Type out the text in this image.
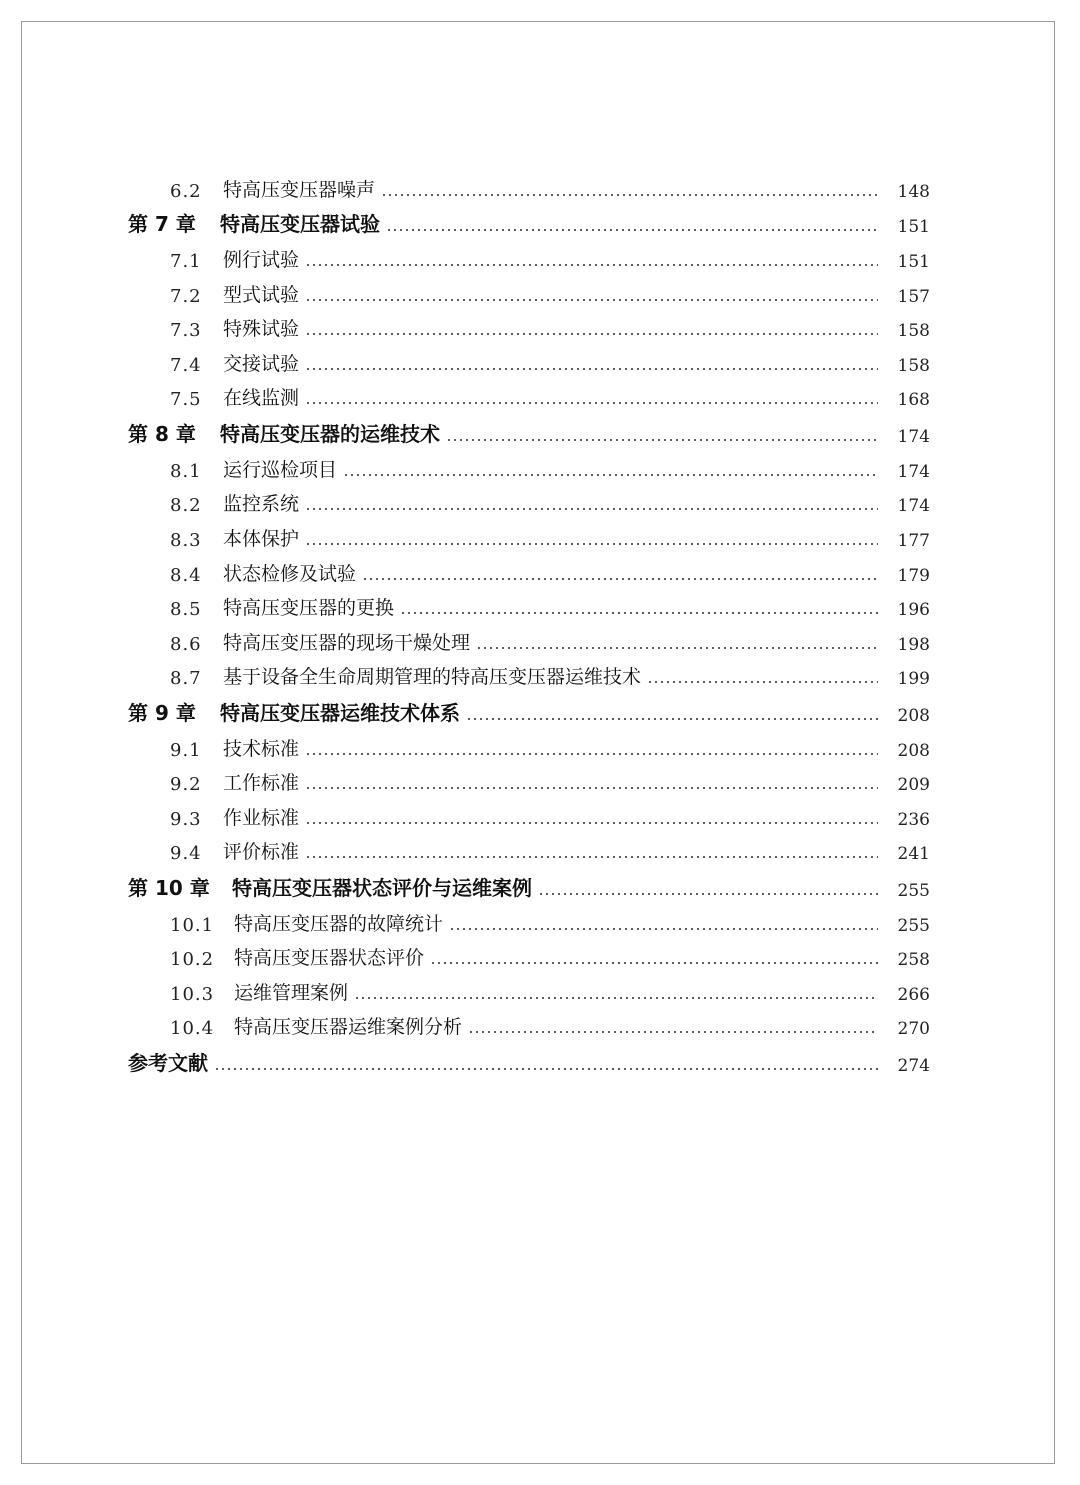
6.2	特高压变压器噪声	148
第 7 章	特高压变压器试验	151
7.1	例行试验	151
7.2	型式试验	157
7.3	特殊试验	158
7.4	交接试验	158
7.5	在线监测	168
第 8 章	特高压变压器的运维技术	174
8.1	运行巡检项目	174
8.2	监控系统	174
8.3	本体保护	177
8.4	状态检修及试验	179
8.5	特高压变压器的更换	196
8.6	特高压变压器的现场干燥处理	198
8.7	基于设备全生命周期管理的特高压变压器运维技术	199
第 9 章	特高压变压器运维技术体系	208
9.1	技术标准	208
9.2	工作标准	209
9.3	作业标准	236
9.4	评价标准	241
第 10 章	特高压变压器状态评价与运维案例	255
10.1	特高压变压器的故障统计	255
10.2	特高压变压器状态评价	258
10.3	运维管理案例	266
10.4	特高压变压器运维案例分析	270
参考文献	274
